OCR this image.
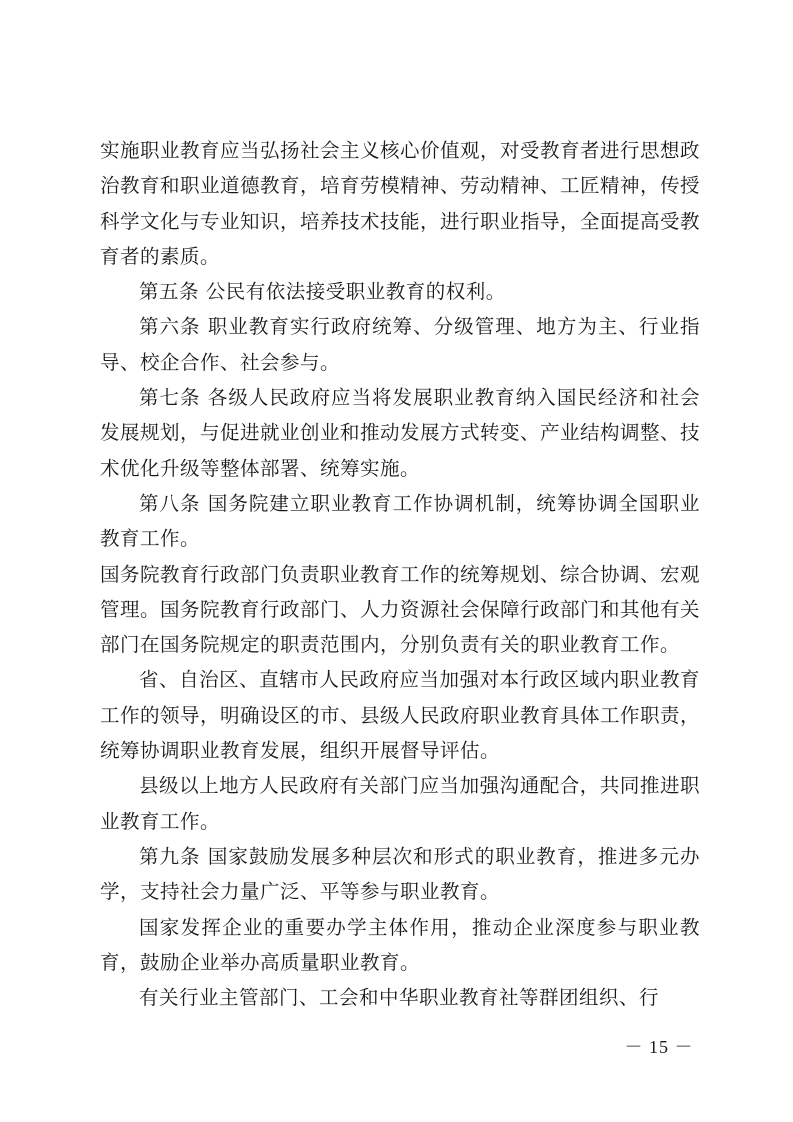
实施职业教育应当弘扬社会主义核心价值观，对受教育者进行思想政治教育和职业道德教育，培育劳模精神、劳动精神、工匠精神，传授科学文化与专业知识，培养技术技能，进行职业指导，全面提高受教育者的素质。

第五条 公民有依法接受职业教育的权利。

第六条 职业教育实行政府统筹、分级管理、地方为主、行业指导、校企合作、社会参与。

第七条 各级人民政府应当将发展职业教育纳入国民经济和社会发展规划，与促进就业创业和推动发展方式转变、产业结构调整、技术优化升级等整体部署、统筹实施。

第八条 国务院建立职业教育工作协调机制，统筹协调全国职业教育工作。

国务院教育行政部门负责职业教育工作的统筹规划、综合协调、宏观管理。国务院教育行政部门、人力资源社会保障行政部门和其他有关部门在国务院规定的职责范围内，分别负责有关的职业教育工作。

省、自治区、直辖市人民政府应当加强对本行政区域内职业教育工作的领导，明确设区的市、县级人民政府职业教育具体工作职责，统筹协调职业教育发展，组织开展督导评估。

县级以上地方人民政府有关部门应当加强沟通配合，共同推进职业教育工作。

第九条 国家鼓励发展多种层次和形式的职业教育，推进多元办学，支持社会力量广泛、平等参与职业教育。

国家发挥企业的重要办学主体作用，推动企业深度参与职业教育，鼓励企业举办高质量职业教育。

有关行业主管部门、工会和中华职业教育社等群团组织、行

－ 15 －
